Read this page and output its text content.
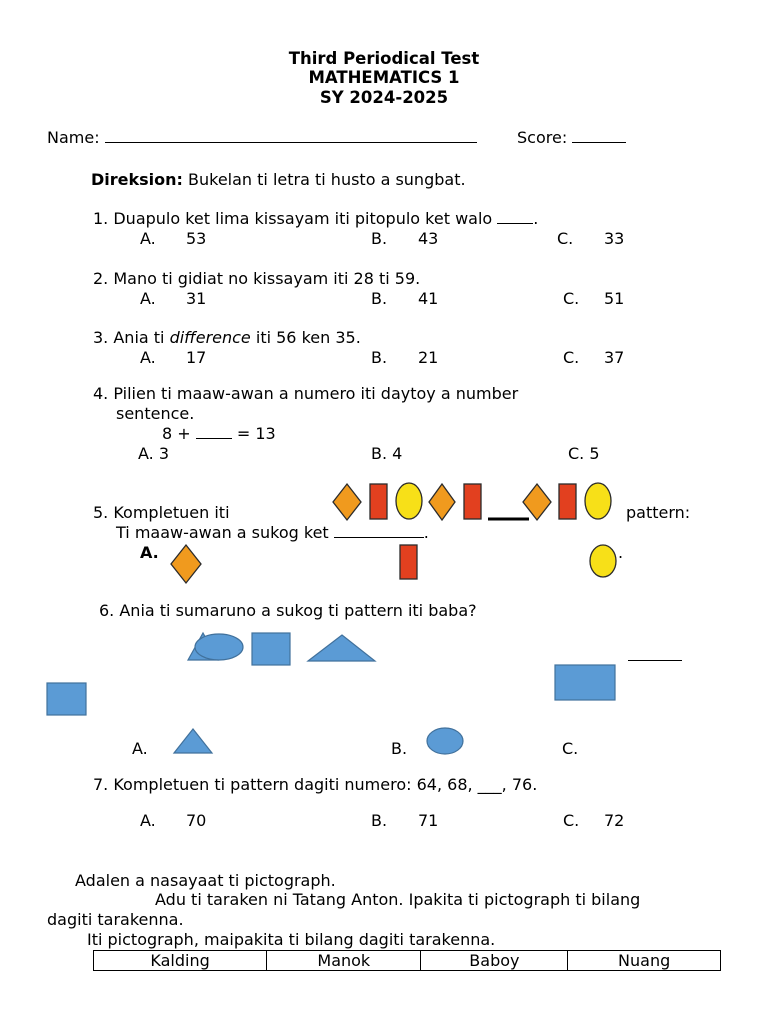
Third Periodical Test
MATHEMATICS 1
SY 2024-2025
Name:	Score:
Direksion: Bukelan ti letra ti husto a sungbat.
1. Duapulo ket lima kissayam iti pitopulo ket walo .
A. 53	B. 43	C. 33
2. Mano ti gidiat no kissayam iti 28 ti 59.
A. 31	B. 41	C. 51
3. Ania ti difference iti 56 ken 35.
A. 17	B. 21	C. 37
4. Pilien ti maaw-awan a numero iti daytoy a number
sentence.
8 +  = 13
A. 3	B. 4	C. 5
5. Kompletuen iti	pattern:
Ti maaw-awan a sukog ket	.
A.	.
6. Ania ti sumaruno a sukog ti pattern iti baba?
A.	B.	C.
7. Kompletuen ti pattern dagiti numero: 64, 68, ___, 76.
A. 70	B. 71	C. 72
Adalen a nasayaat ti pictograph.
Adu ti taraken ni Tatang Anton. Ipakita ti pictograph ti bilang
dagiti tarakenna.
Iti pictograph, maipakita ti bilang dagiti tarakenna.
Kalding	Manok	Baboy	Nuang
